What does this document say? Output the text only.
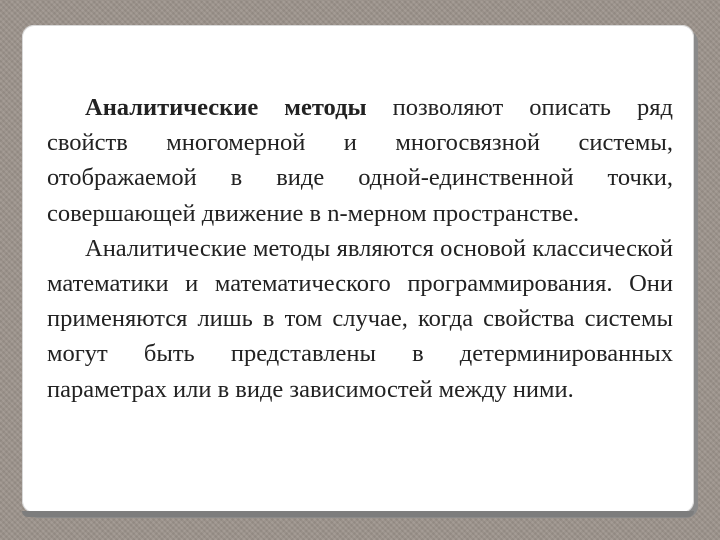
Аналитические методы позволяют описать ряд свойств многомерной и многосвязной системы, отображаемой в виде одной-единственной точки, совершающей движение в n-мерном пространстве.

Аналитические методы являются основой классической математики и математического программирования. Они применяются лишь в том случае, когда свойства системы могут быть представлены в детерминированных параметрах или в виде зависимостей между ними.
